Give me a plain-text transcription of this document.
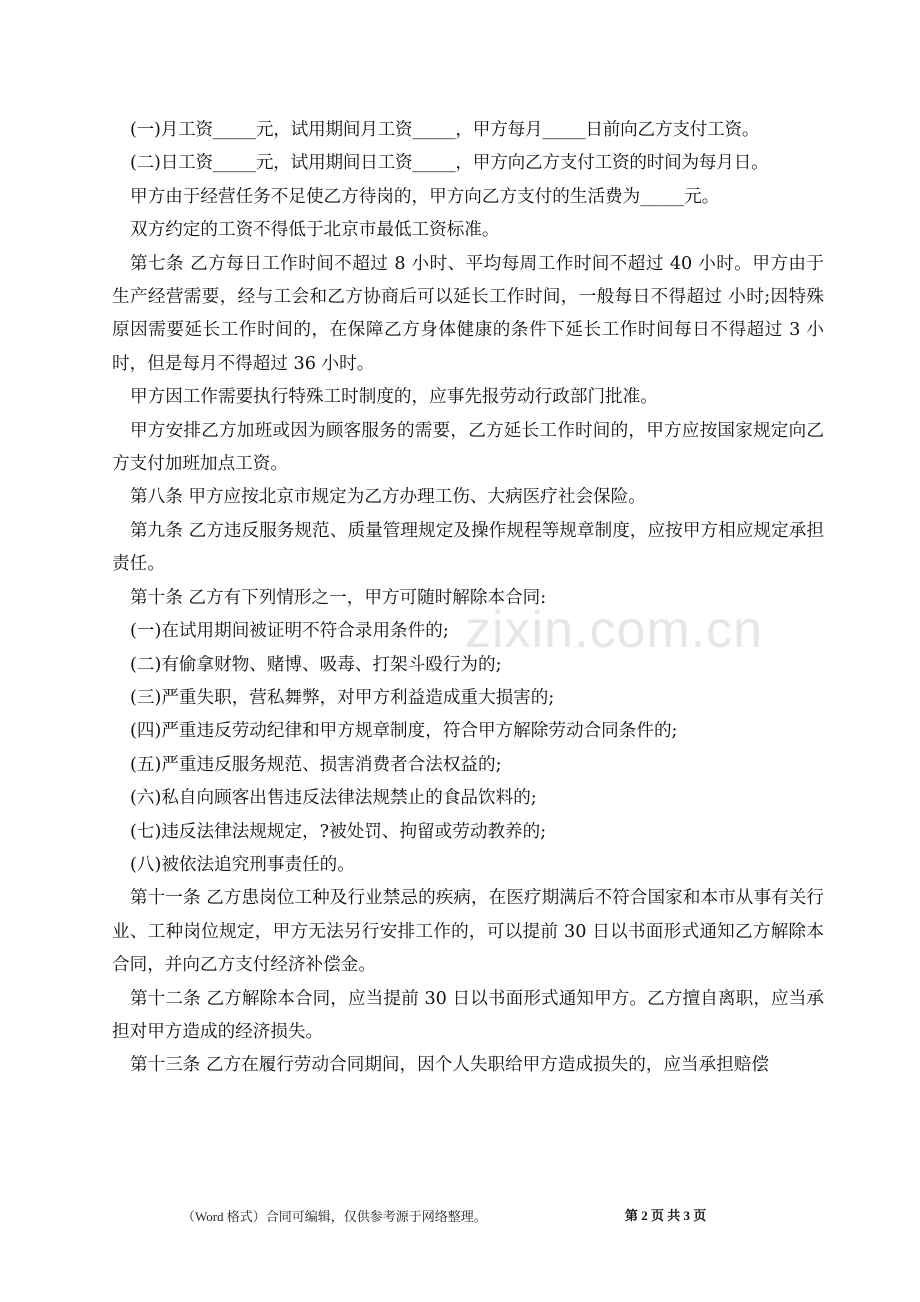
zixin.com.cn

(一)月工资_____元，试用期间月工资_____，甲方每月_____日前向乙方支付工资。

(二)日工资_____元，试用期间日工资_____，甲方向乙方支付工资的时间为每月日。

甲方由于经营任务不足使乙方待岗的，甲方向乙方支付的生活费为_____元。

双方约定的工资不得低于北京市最低工资标准。

第七条 乙方每日工作时间不超过 8 小时、平均每周工作时间不超过 40 小时。甲方由于生产经营需要，经与工会和乙方协商后可以延长工作时间，一般每日不得超过 小时;因特殊原因需要延长工作时间的，在保障乙方身体健康的条件下延长工作时间每日不得超过 3 小时，但是每月不得超过 36 小时。

甲方因工作需要执行特殊工时制度的，应事先报劳动行政部门批准。

甲方安排乙方加班或因为顾客服务的需要，乙方延长工作时间的，甲方应按国家规定向乙方支付加班加点工资。

第八条 甲方应按北京市规定为乙方办理工伤、大病医疗社会保险。

第九条 乙方违反服务规范、质量管理规定及操作规程等规章制度，应按甲方相应规定承担责任。

第十条 乙方有下列情形之一，甲方可随时解除本合同:

(一)在试用期间被证明不符合录用条件的;

(二)有偷拿财物、赌博、吸毒、打架斗殴行为的;

(三)严重失职，营私舞弊，对甲方利益造成重大损害的;

(四)严重违反劳动纪律和甲方规章制度，符合甲方解除劳动合同条件的;

(五)严重违反服务规范、损害消费者合法权益的;

(六)私自向顾客出售违反法律法规禁止的食品饮料的;

(七)违反法律法规规定，?被处罚、拘留或劳动教养的;

(八)被依法追究刑事责任的。

第十一条 乙方患岗位工种及行业禁忌的疾病，在医疗期满后不符合国家和本市从事有关行业、工种岗位规定，甲方无法另行安排工作的，可以提前 30 日以书面形式通知乙方解除本合同，并向乙方支付经济补偿金。

第十二条 乙方解除本合同，应当提前 30 日以书面形式通知甲方。乙方擅自离职，应当承担对甲方造成的经济损失。

第十三条 乙方在履行劳动合同期间，因个人失职给甲方造成损失的，应当承担赔偿

（Word 格式）合同可编辑，仅供参考源于网络整理。	第 2 页 共 3 页
